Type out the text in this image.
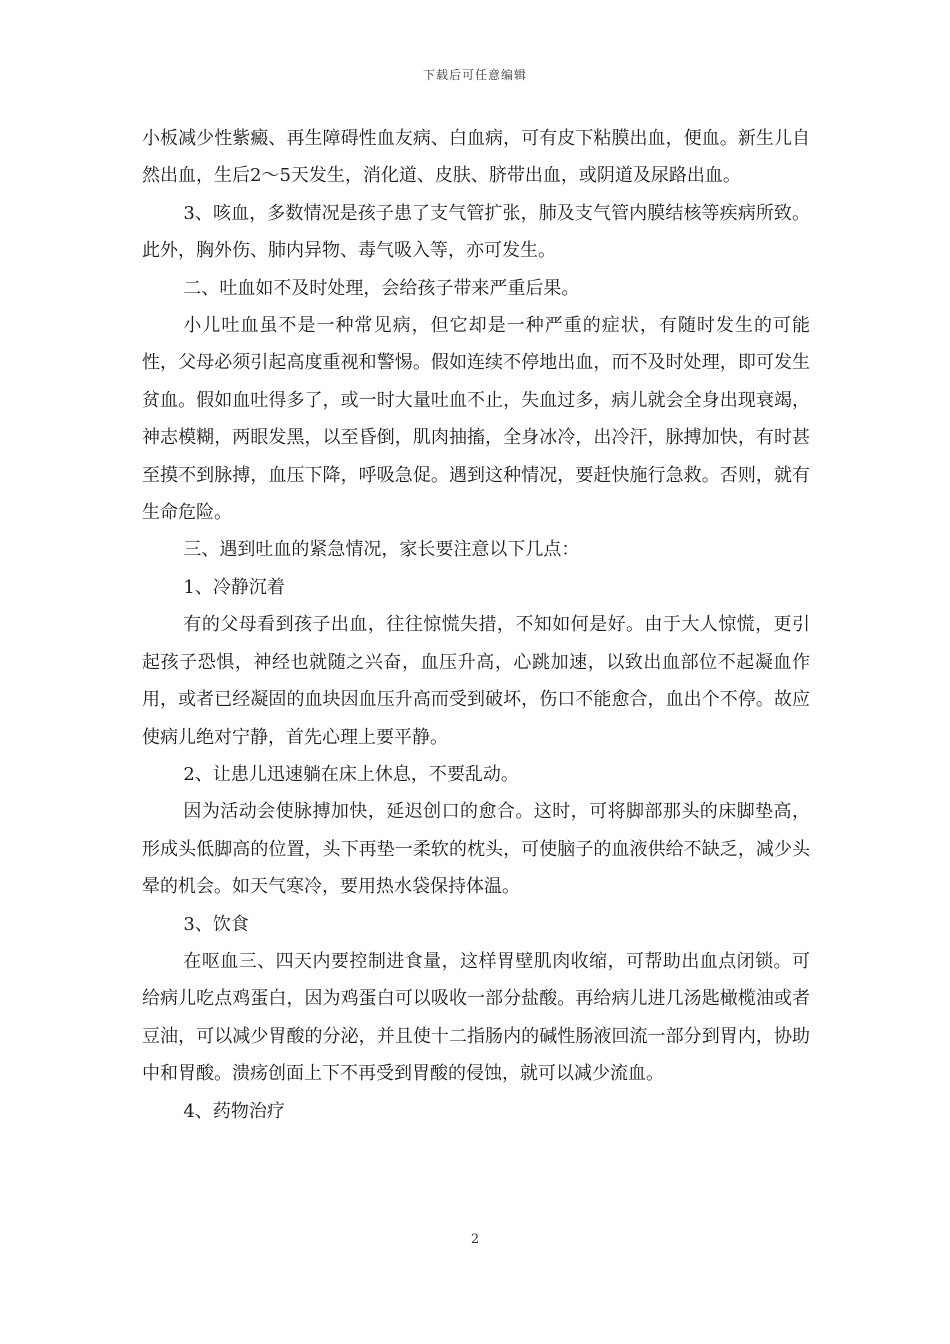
下载后可任意编辑

小板减少性紫癜、再生障碍性血友病、白血病，可有皮下粘膜出血，便血。新生儿自然出血，生后2～5天发生，消化道、皮肤、脐带出血，或阴道及尿路出血。

3、咳血，多数情况是孩子患了支气管扩张，肺及支气管内膜结核等疾病所致。此外，胸外伤、肺内异物、毒气吸入等，亦可发生。

二、吐血如不及时处理，会给孩子带来严重后果。

小儿吐血虽不是一种常见病，但它却是一种严重的症状，有随时发生的可能性，父母必须引起高度重视和警惕。假如连续不停地出血，而不及时处理，即可发生贫血。假如血吐得多了，或一时大量吐血不止，失血过多，病儿就会全身出现衰竭，神志模糊，两眼发黑，以至昏倒，肌肉抽搐，全身冰冷，出冷汗，脉搏加快，有时甚至摸不到脉搏，血压下降，呼吸急促。遇到这种情况，要赶快施行急救。否则，就有生命危险。

三、遇到吐血的紧急情况，家长要注意以下几点：

1、冷静沉着

有的父母看到孩子出血，往往惊慌失措，不知如何是好。由于大人惊慌，更引起孩子恐惧，神经也就随之兴奋，血压升高，心跳加速，以致出血部位不起凝血作用，或者已经凝固的血块因血压升高而受到破坏，伤口不能愈合，血出个不停。故应使病儿绝对宁静，首先心理上要平静。

2、让患儿迅速躺在床上休息，不要乱动。

因为活动会使脉搏加快，延迟创口的愈合。这时，可将脚部那头的床脚垫高，形成头低脚高的位置，头下再垫一柔软的枕头，可使脑子的血液供给不缺乏，减少头晕的机会。如天气寒冷，要用热水袋保持体温。

3、饮食

在呕血三、四天内要控制进食量，这样胃壁肌肉收缩，可帮助出血点闭锁。可给病儿吃点鸡蛋白，因为鸡蛋白可以吸收一部分盐酸。再给病儿进几汤匙橄榄油或者豆油，可以减少胃酸的分泌，并且使十二指肠内的碱性肠液回流一部分到胃内，协助中和胃酸。溃疡创面上下不再受到胃酸的侵蚀，就可以减少流血。

4、药物治疗

2
